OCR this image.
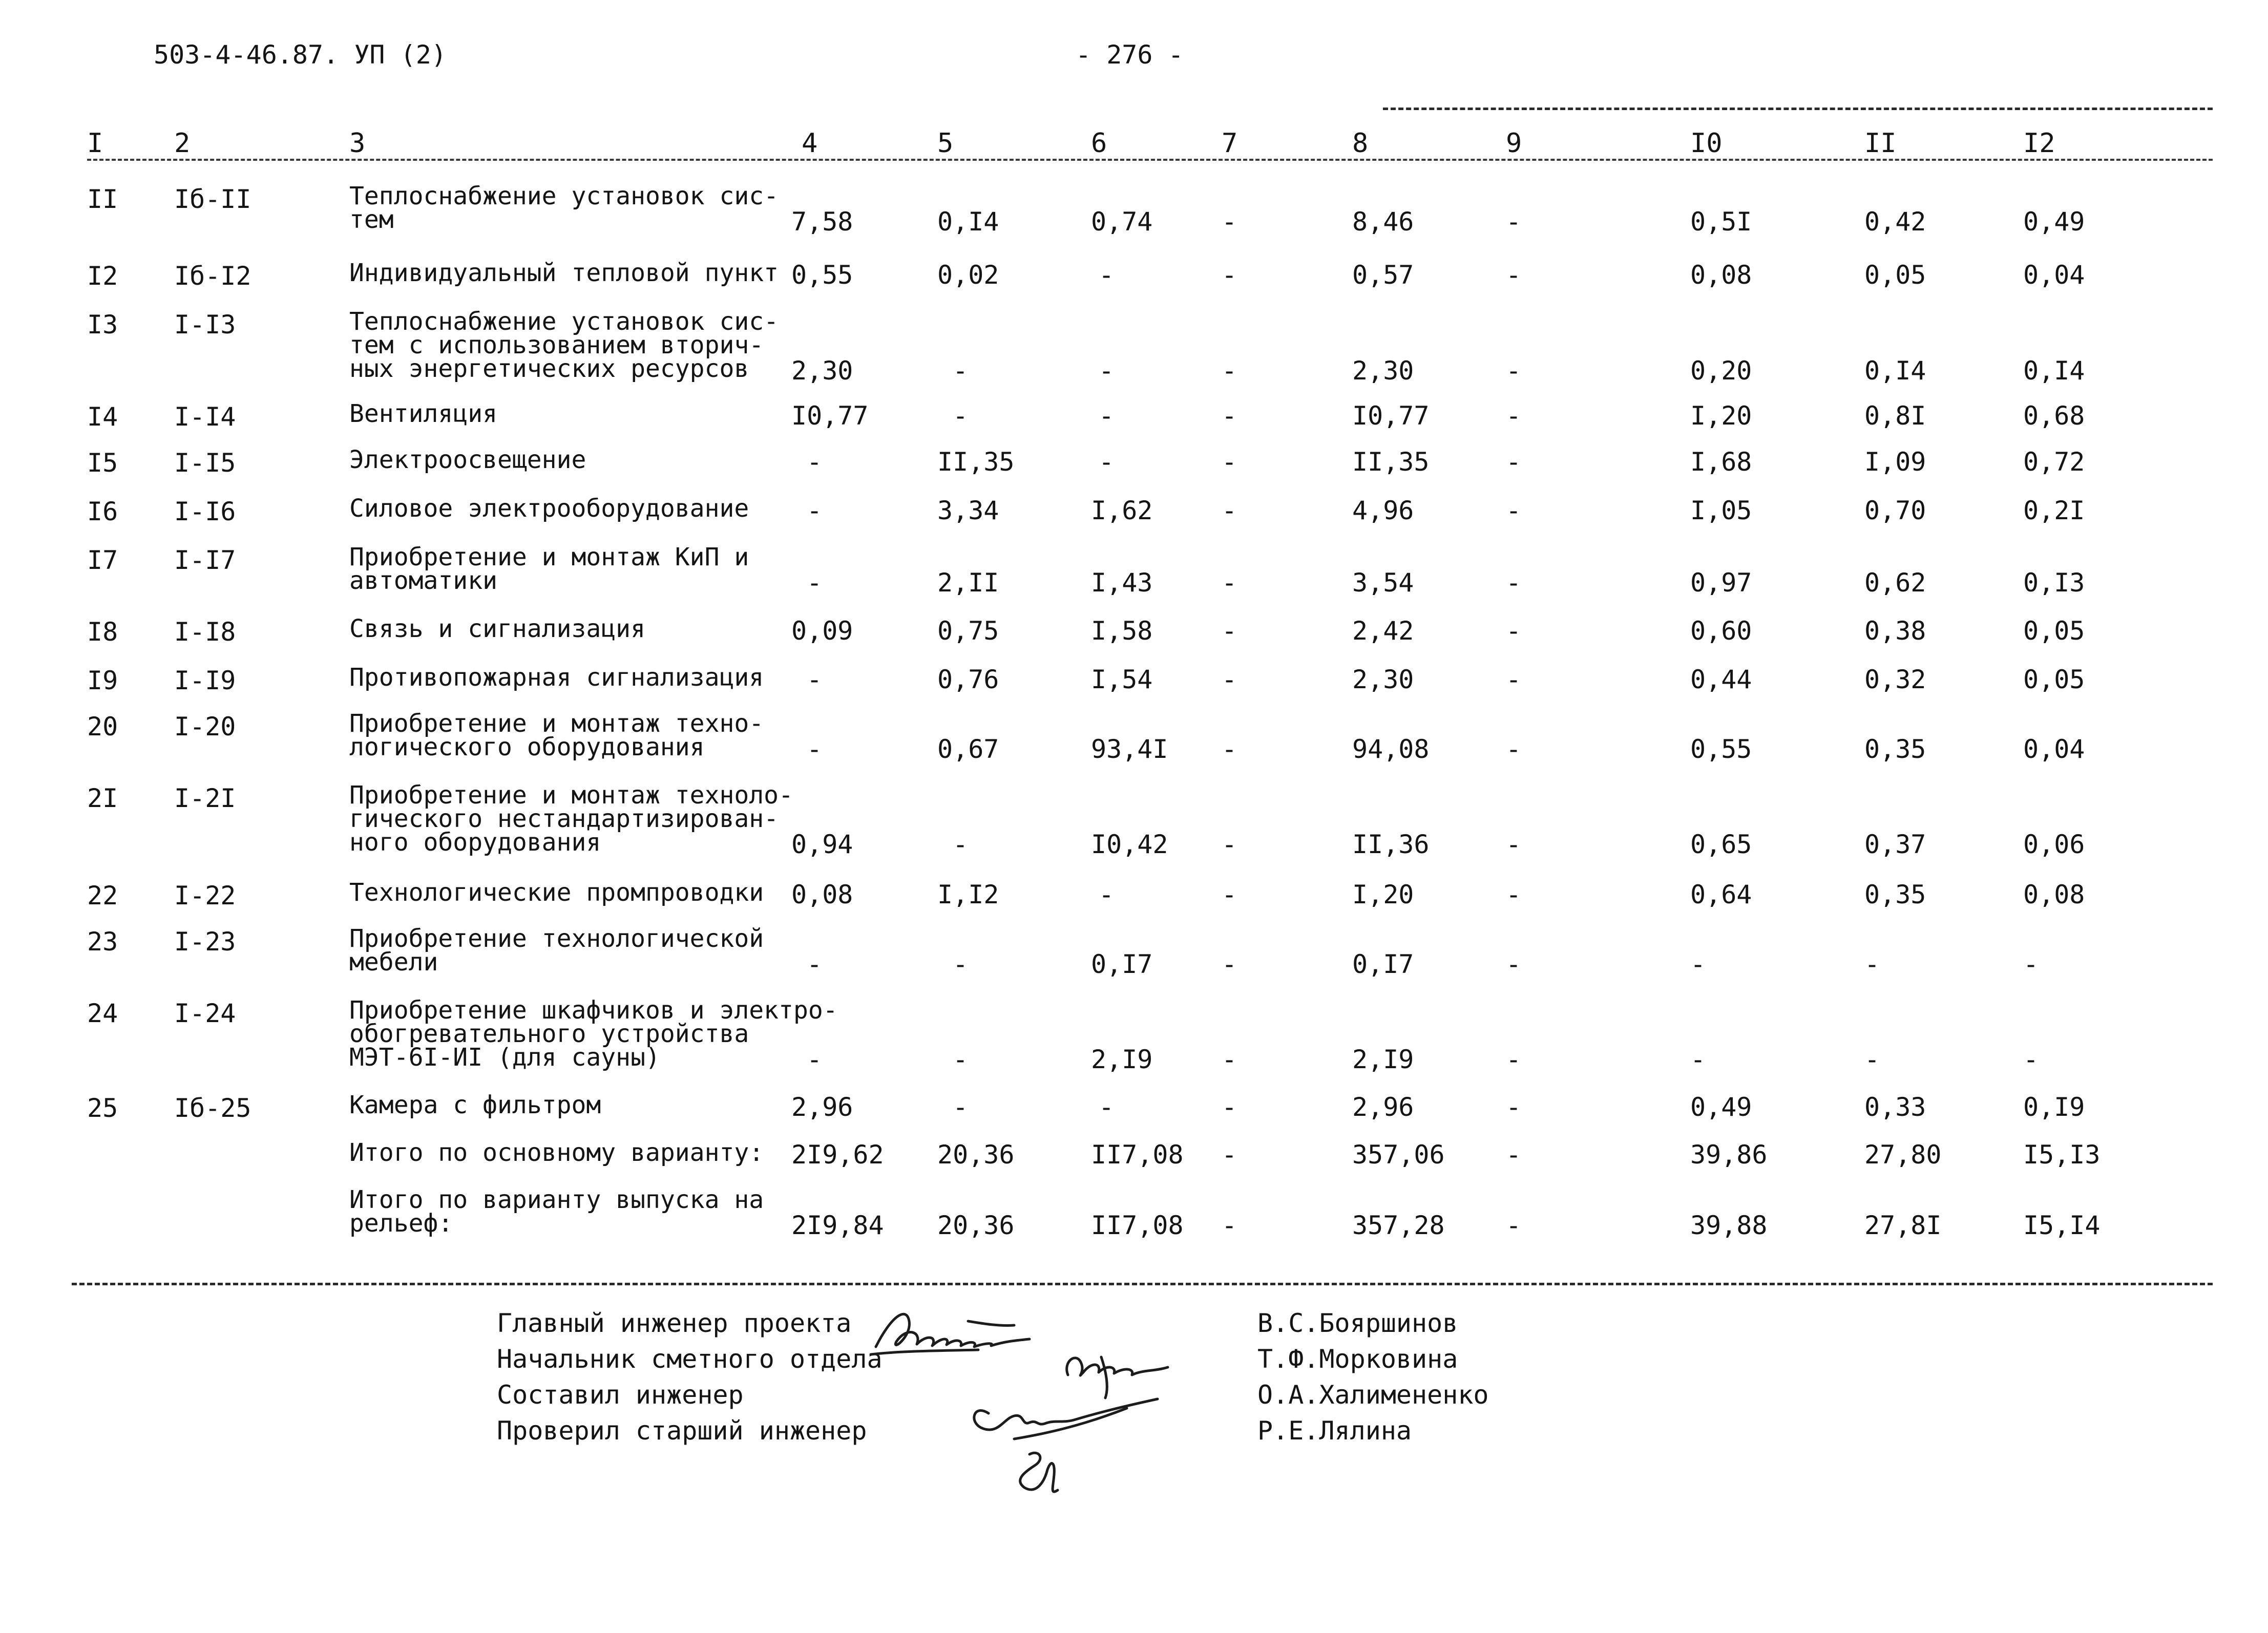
503-4-46.87. УП (2)	- 276 -
I	2	3	4	5	6	7	8	9	I0	II	I2
II Iб-II	Теплоснабжение установок сис-
тем	7,58	0,I4	0,74	-	8,46	-	0,5I	0,42	0,49
I2 Iб-I2	Индивидуальный тепловой пункт 0,55	0,02	-	-	0,57	-	0,08	0,05	0,04
I3 I-I3	Теплоснабжение установок сис-
тем с использованием вторич-
ных энергетических ресурсов	2,30	-	-	-	2,30	-	0,20	0,I4	0,I4
I4 I-I4	Вентиляция	I0,77	-	-	-	I0,77	-	I,20	0,8I	0,68
I5 I-I5	Электроосвещение	-	II,35	-	-	II,35	-	I,68	I,09	0,72
I6 I-I6	Силовое электрооборудование	-	3,34	I,62	-	4,96	-	I,05	0,70	0,2I
I7 I-I7	Приобретение и монтаж КиП и
автоматики	-	2,II	I,43	-	3,54	-	0,97	0,62	0,I3
I8 I-I8	Связь и сигнализация	0,09	0,75	I,58	-	2,42	-	0,60	0,38	0,05
I9 I-I9	Противопожарная сигнализация	-	0,76	I,54	-	2,30	-	0,44	0,32	0,05
20 I-20	Приобретение и монтаж техно-
логического оборудования	-	0,67	93,4I -	94,08	-	0,55	0,35	0,04
2I I-2I	Приобретение и монтаж техноло-
гического нестандартизирован-
ного оборудования	0,94	-	I0,42 -	II,36	-	0,65	0,37	0,06
22 I-22	Технологические промпроводки	0,08	I,I2	-	-	I,20	-	0,64	0,35	0,08
23 I-23	Приобретение технологической
мебели	-	-	0,I7	-	0,I7	-	-	-	-
24 I-24	Приобретение шкафчиков и электро-
обогревательного устройства
МЭТ-6I-ИI (для сауны)	-	-	2,I9	-	2,I9	-	-	-	-
25 Iб-25	Камера с фильтром	2,96	-	-	-	2,96	-	0,49	0,33	0,I9
Итого по основному варианту:	2I9,62 20,36	II7,08 -	357,06 -	39,86	27,80	I5,I3
Итого по варианту выпуска на
рельеф:	2I9,84 20,36	II7,08 -	357,28 -	39,88	27,8I	I5,I4
Главный инженер проекта	В.С.Бояршинов
Начальник сметного отдела	Т.Ф.Морковина
Составил инженер	О.А.Халименeнко
Проверил старший инженер	Р.Е.Лялина
